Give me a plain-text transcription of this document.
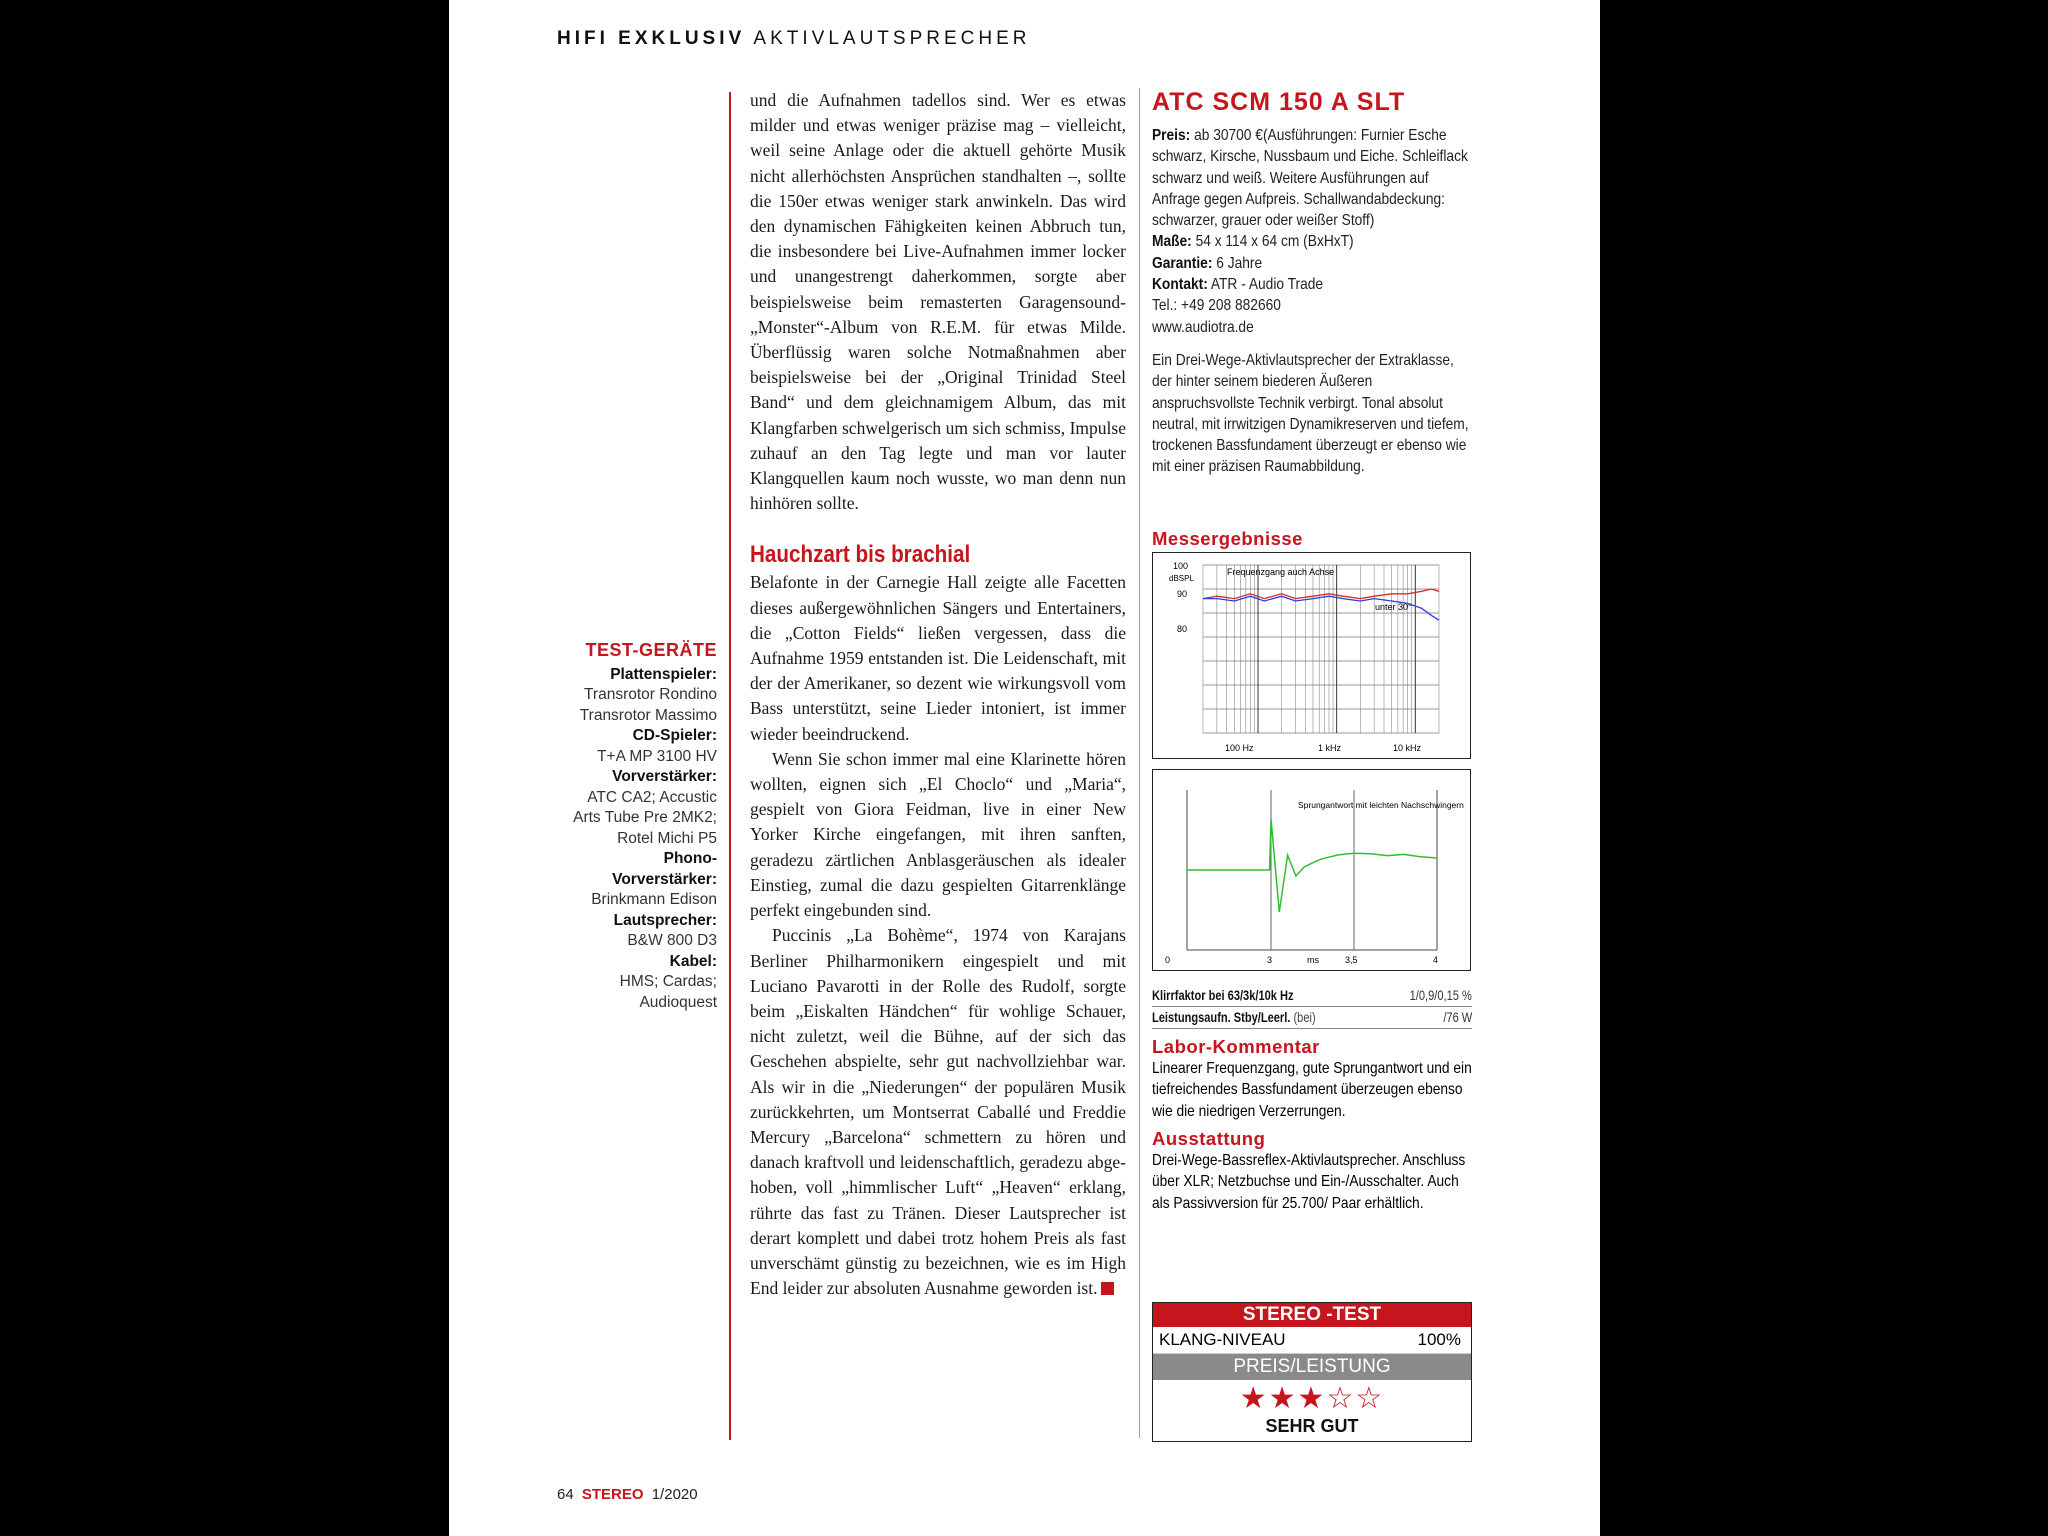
HIFI EXKLUSIV AKTIVLAUTSPRECHER
TEST-GERÄTE
Plattenspieler:
Transrotor Rondino
Transrotor Massimo
CD-Spieler:
T+A MP 3100 HV
Vorverstärker:
ATC CA2; Accustic
Arts Tube Pre 2MK2;
Rotel Michi P5
Phono-
Vorverstärker:
Brinkmann Edison
Lautsprecher:
B&W 800 D3
Kabel:
HMS; Cardas;
Audioquest

und die Aufnahmen tadellos sind. Wer es etwas milder und etwas weniger präzise mag – vielleicht, weil seine Anlage oder die aktuell gehörte Musik nicht allerhöchsten Ansprüchen standhalten –, sollte die 150er etwas weniger stark anwinkeln. Das wird den dynamischen Fähigkeiten keinen Abbruch tun, die insbesondere bei Live-Aufnahmen immer locker und unangestrengt daherkommen, sorgte aber beispielsweise beim remasterten Garagensound- „Monster“-Album von R.E.M. für etwas Milde. Überflüssig waren solche Notmaßnahmen aber beispielsweise bei der „Original Trinidad Steel Band“ und dem gleichnamigem Album, das mit Klangfarben schwelgerisch um sich schmiss, Impulse zuhauf an den Tag legte und man vor lauter Klangquellen kaum noch wusste, wo man denn nun hinhören sollte.

Hauchzart bis brachial

Belafonte in der Carnegie Hall zeigte alle Facetten dieses außergewöhnlichen Sängers und Entertainers, die „Cotton Fields“ ließen vergessen, dass die Aufnahme 1959 entstanden ist. Die Leidenschaft, mit der der Amerikaner, so dezent wie wirkungsvoll vom Bass unterstützt, seine Lieder intoniert, ist immer wieder beeindruckend.

Wenn Sie schon immer mal eine Klarinette hören wollten, eignen sich „El Choclo“ und „Maria“, gespielt von Giora Feidman, live in einer New Yorker Kirche eingefangen, mit ihren sanften, geradezu zärtlichen Anblasgeräuschen als idealer Einstieg, zumal die dazu gespielten Gitarrenklänge perfekt eingebunden sind.

Puccinis „La Bohème“, 1974 von Karajans Berliner Philharmonikern eingespielt und mit Luciano Pavarotti in der Rolle des Rudolf, sorgte beim „Eiskalten Händchen“ für wohlige Schauer, nicht zuletzt, weil die Bühne, auf der sich das Geschehen abspielte, sehr gut nachvollziehbar war. Als wir in die „Niederungen“ der populären Musik zurückkehrten, um Montserrat Caballé und Freddie Mercury „Barcelona“ schmettern zu hören und danach kraftvoll und leidenschaftlich, geradezu abgehoben, voll „himmlischer Luft“ „Heaven“ erklang, rührte das fast zu Tränen. Dieser Lautsprecher ist derart komplett und dabei trotz hohem Preis als fast unverschämt günstig zu bezeichnen, wie es im High End leider zur absoluten Ausnahme geworden ist.

ATC SCM 150 A SLT
Preis: ab 30700 €(Ausführungen: Furnier Esche schwarz, Kirsche, Nussbaum und Eiche. Schleiflack schwarz und weiß. Weitere Ausführungen auf Anfrage gegen Aufpreis. Schallwandabdeckung: schwarzer, grauer oder weißer Stoff)
Maße: 54 x 114 x 64 cm (BxHxT)
Garantie: 6 Jahre
Kontakt: ATR - Audio Trade
Tel.: +49 208 882660
www.audiotra.de
Ein Drei-Wege-Aktivlautsprecher der Extraklasse, der hinter seinem biederen Äußeren anspruchsvollste Technik verbirgt. Tonal absolut neutral, mit irrwitzigen Dynamikreserven und tiefem, trockenen Bassfundament überzeugt er ebenso wie mit einer präzisen Raumabbildung.
Messergebnisse
100
dBSPL
90
80
Frequenzgang auch Achse
unter 30°
100 Hz	1 kHz	10 kHz
Sprungantwort mit leichten Nachschwingern
0	3	ms	3,5	4
Klirrfaktor bei 63/3k/10k Hz	1/0,9/0,15 %
Leistungsaufn. Stby/Leerl. (bei)	/76 W
Labor-Kommentar
Linearer Frequenzgang, gute Sprungantwort und ein tiefreichendes Bassfundament überzeugen ebenso wie die niedrigen Verzerrungen.
Ausstattung
Drei-Wege-Bassreflex-Aktivlautsprecher. Anschluss über XLR; Netzbuchse und Ein-/Ausschalter. Auch als Passivversion für 25.700/ Paar erhältlich.
STEREO -TEST
KLANG-NIVEAU	100%
PREIS/LEISTUNG
★★★☆☆
SEHR GUT
64 STEREO 1/2020
